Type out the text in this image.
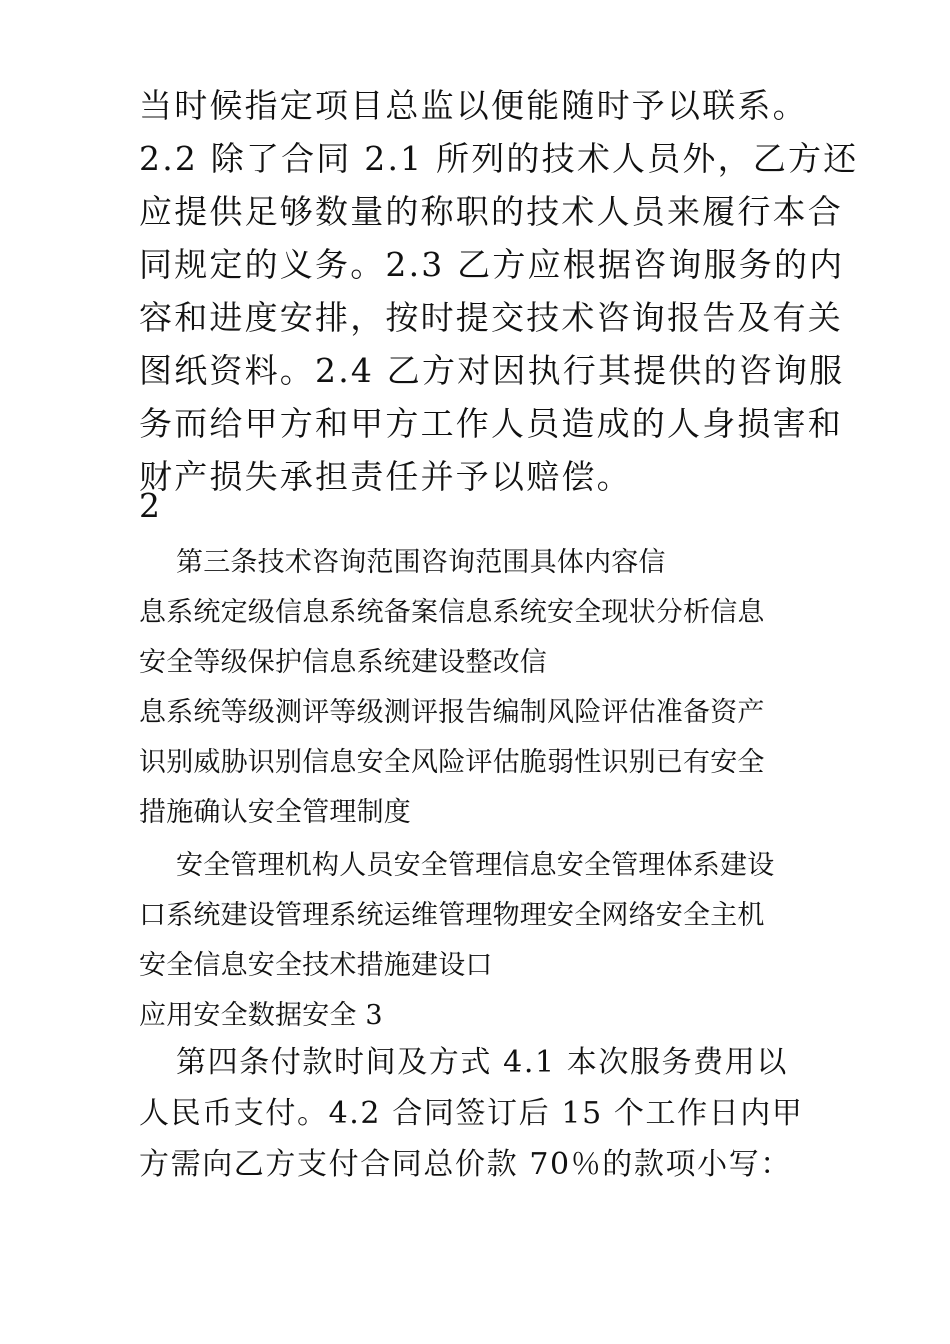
当时候指定项目总监以便能随时予以联系。
2.2 除了合同 2.1 所列的技术人员外，乙方还
应提供足够数量的称职的技术人员来履行本合
同规定的义务。2.3 乙方应根据咨询服务的内
容和进度安排，按时提交技术咨询报告及有关
图纸资料。2.4 乙方对因执行其提供的咨询服
务而给甲方和甲方工作人员造成的人身损害和
财产损失承担责任并予以赔偿。
2
第三条技术咨询范围咨询范围具体内容信
息系统定级信息系统备案信息系统安全现状分析信息
安全等级保护信息系统建设整改信
息系统等级测评等级测评报告编制风险评估准备资产
识别威胁识别信息安全风险评估脆弱性识别已有安全
措施确认安全管理制度
安全管理机构人员安全管理信息安全管理体系建设
口系统建设管理系统运维管理物理安全网络安全主机
安全信息安全技术措施建设口
应用安全数据安全 3
第四条付款时间及方式 4.1 本次服务费用以
人民币支付。4.2 合同签订后 15 个工作日内甲
方需向乙方支付合同总价款 70％的款项小写：
